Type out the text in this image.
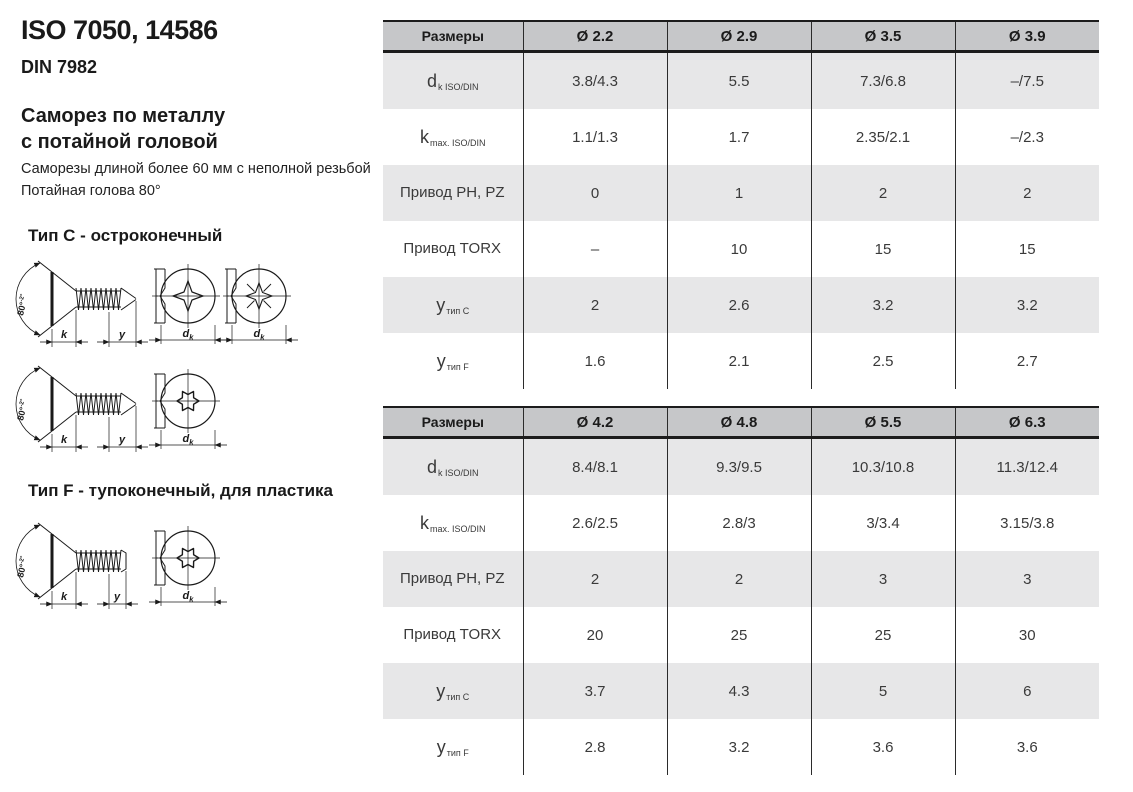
ISO 7050, 14586
DIN 7982
Саморез по металлу
с потайной головой
Саморезы длиной более 60 мм с неполной резьбой
Потайная голова 80°
Тип C - остроконечный
Тип F - тупоконечный, для пластика
80°$^{-2^\circ}$
k	y	$d_k$	$d_k$
80°$^{-2^\circ}$
k	y	$d_k$
80°$^{-2^\circ}$
k	y	$d_k$
Размеры	Ø 2.2	Ø 2.9	Ø 3.5	Ø 3.9
$d_{k ISO/DIN}$	3.8/4.3	5.5	7.3/6.8	–/7.5
$k_{max. ISO/DIN}$	1.1/1.3	1.7	2.35/2.1	–/2.3
Привод PH, PZ	0	1	2	2
Привод TORX	–	10	15	15
$y_{тип C}$	2	2.6	3.2	3.2
$y_{тип F}$	1.6	2.1	2.5	2.7
Размеры	Ø 4.2	Ø 4.8	Ø 5.5	Ø 6.3
$d_{k ISO/DIN}$	8.4/8.1	9.3/9.5	10.3/10.8	11.3/12.4
$k_{max. ISO/DIN}$	2.6/2.5	2.8/3	3/3.4	3.15/3.8
Привод PH, PZ	2	2	3	3
Привод TORX	20	25	25	30
$y_{тип C}$	3.7	4.3	5	6
$y_{тип F}$	2.8	3.2	3.6	3.6
